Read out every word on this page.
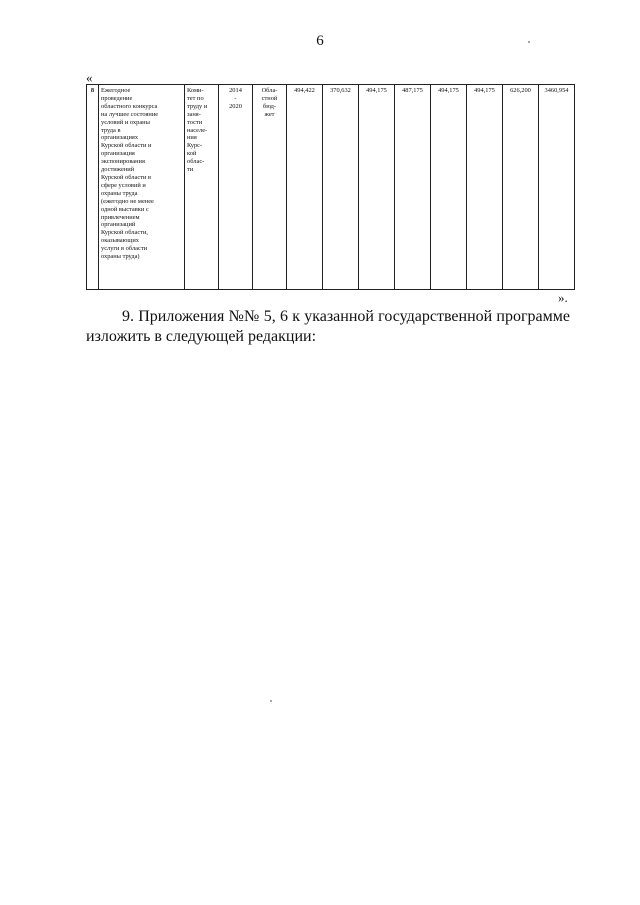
6
«
8	Ежегодное
проведение
областного конкурса
на лучшее состояние
условий и охраны
труда в
организациях
Курской области и
организация
экспонирования
достижений
Курской области в
сфере условий и
охраны труда
(ежегодно не менее
одной выставки с
привлечением
организаций
Курской области,
оказывающих
услуги в области
охраны труда)	Коми-
тет по
труду и
заня-
тости
населе-
ния
Курс-
кой
облас-
ти	2014
-
2020	Обла-
стной
бюд-
жет	494,422	370,632	494,175	487,175	494,175	494,175	626,200	3460,954
».
9. Приложения №№ 5, 6 к указанной государственной программе изложить в следующей редакции:
